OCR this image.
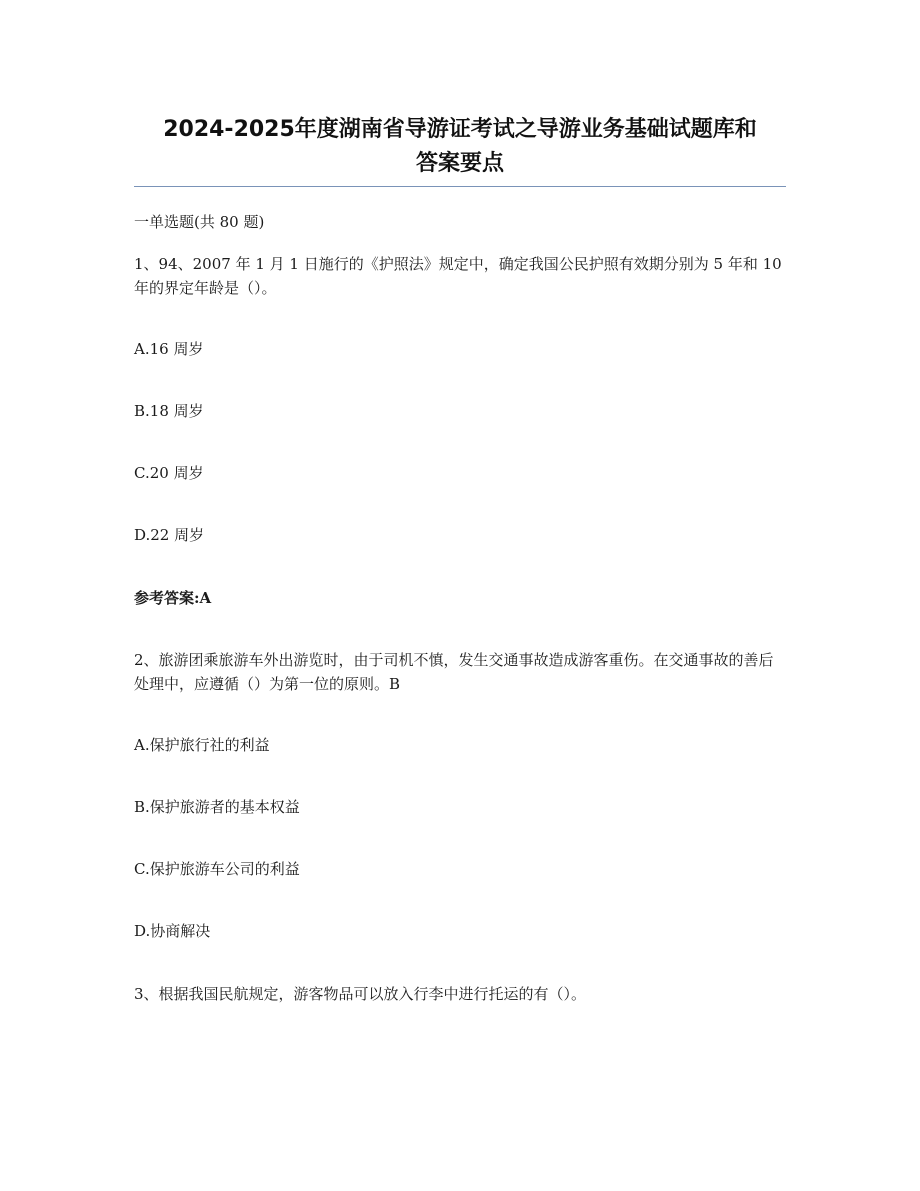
2024-2025年度湖南省导游证考试之导游业务基础试题库和
答案要点
一单选题(共 80 题)
1、94、2007 年 1 月 1 日施行的《护照法》规定中，确定我国公民护照有效期分别为 5 年和 10 年的界定年龄是（）。
A.16 周岁
B.18 周岁
C.20 周岁
D.22 周岁
参考答案:A
2、旅游团乘旅游车外出游览时，由于司机不慎，发生交通事故造成游客重伤。在交通事故的善后处理中，应遵循（）为第一位的原则。B
A.保护旅行社的利益
B.保护旅游者的基本权益
C.保护旅游车公司的利益
D.协商解决
3、根据我国民航规定，游客物品可以放入行李中进行托运的有（）。
